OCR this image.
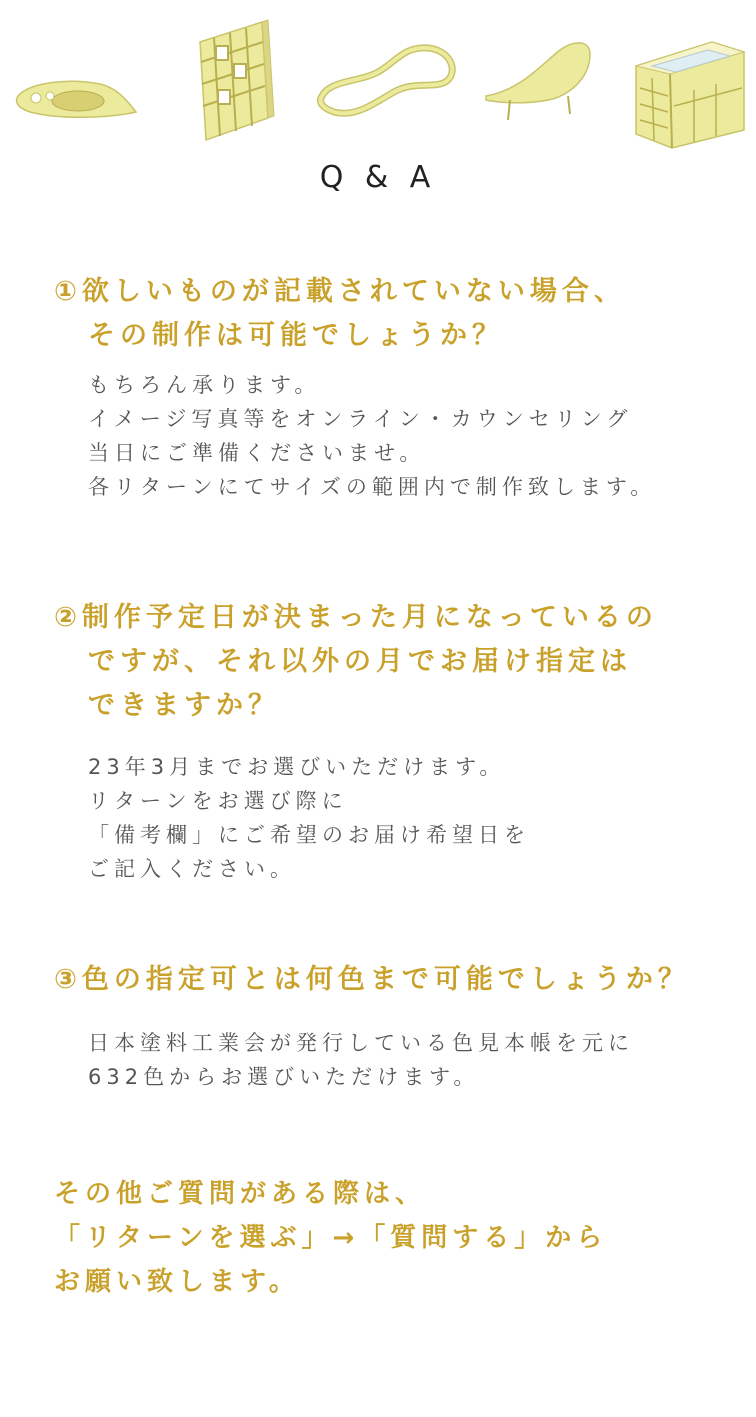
Q & A
①欲しいものが記載されていない場合、
その制作は可能でしょうか？

もちろん承ります。
イメージ写真等をオンライン・カウンセリング
当日にご準備くださいませ。
各リターンにてサイズの範囲内で制作致します。

②制作予定日が決まった月になっているの
ですが、それ以外の月でお届け指定は
できますか？

23年3月までお選びいただけます。
リターンをお選び際に
「備考欄」にご希望のお届け希望日を
ご記入ください。

③色の指定可とは何色まで可能でしょうか？

日本塗料工業会が発行している色見本帳を元に
632色からお選びいただけます。

その他ご質問がある際は、
「リターンを選ぶ」→「質問する」から
お願い致します。
